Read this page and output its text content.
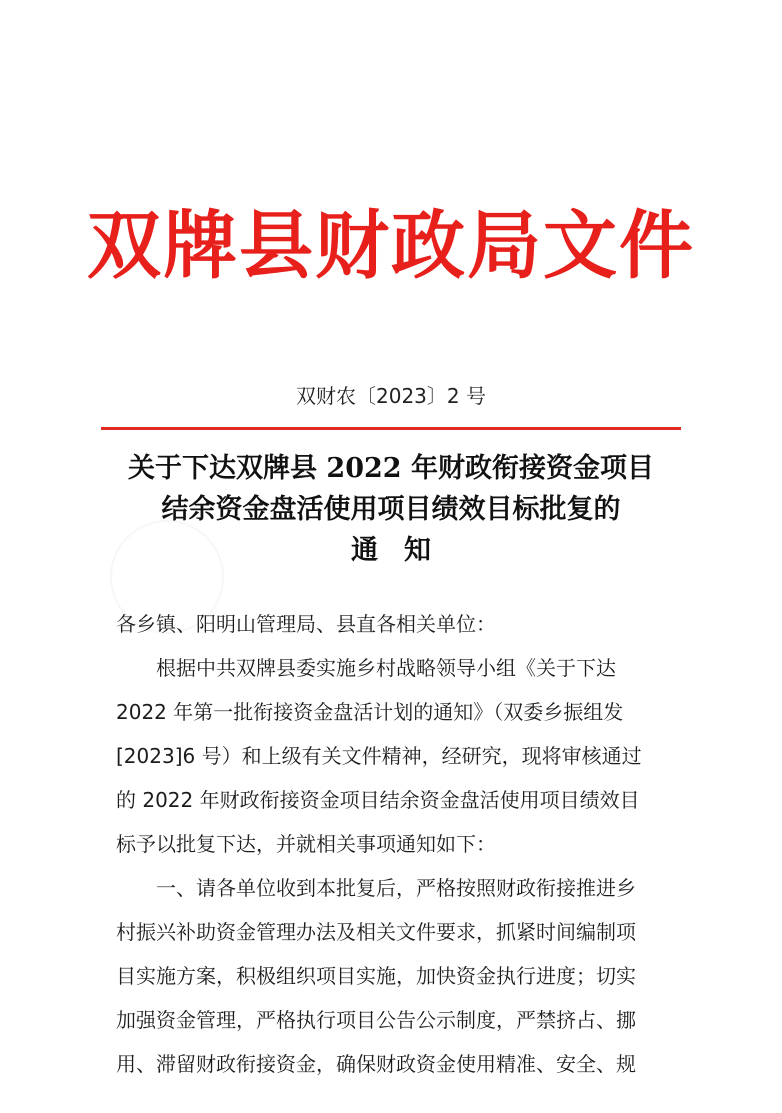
双牌县财政局文件
双财农〔2023〕2 号
关于下达双牌县 2022 年财政衔接资金项目
结余资金盘活使用项目绩效目标批复的
通知
各乡镇、阳明山管理局、县直各相关单位：
根据中共双牌县委实施乡村战略领导小组《关于下达
2022 年第一批衔接资金盘活计划的通知》（双委乡振组发
[2023]6 号）和上级有关文件精神，经研究，现将审核通过
的 2022 年财政衔接资金项目结余资金盘活使用项目绩效目
标予以批复下达，并就相关事项通知如下：
一、请各单位收到本批复后，严格按照财政衔接推进乡
村振兴补助资金管理办法及相关文件要求，抓紧时间编制项
目实施方案，积极组织项目实施，加快资金执行进度；切实
加强资金管理，严格执行项目公告公示制度，严禁挤占、挪
用、滞留财政衔接资金，确保财政资金使用精准、安全、规
